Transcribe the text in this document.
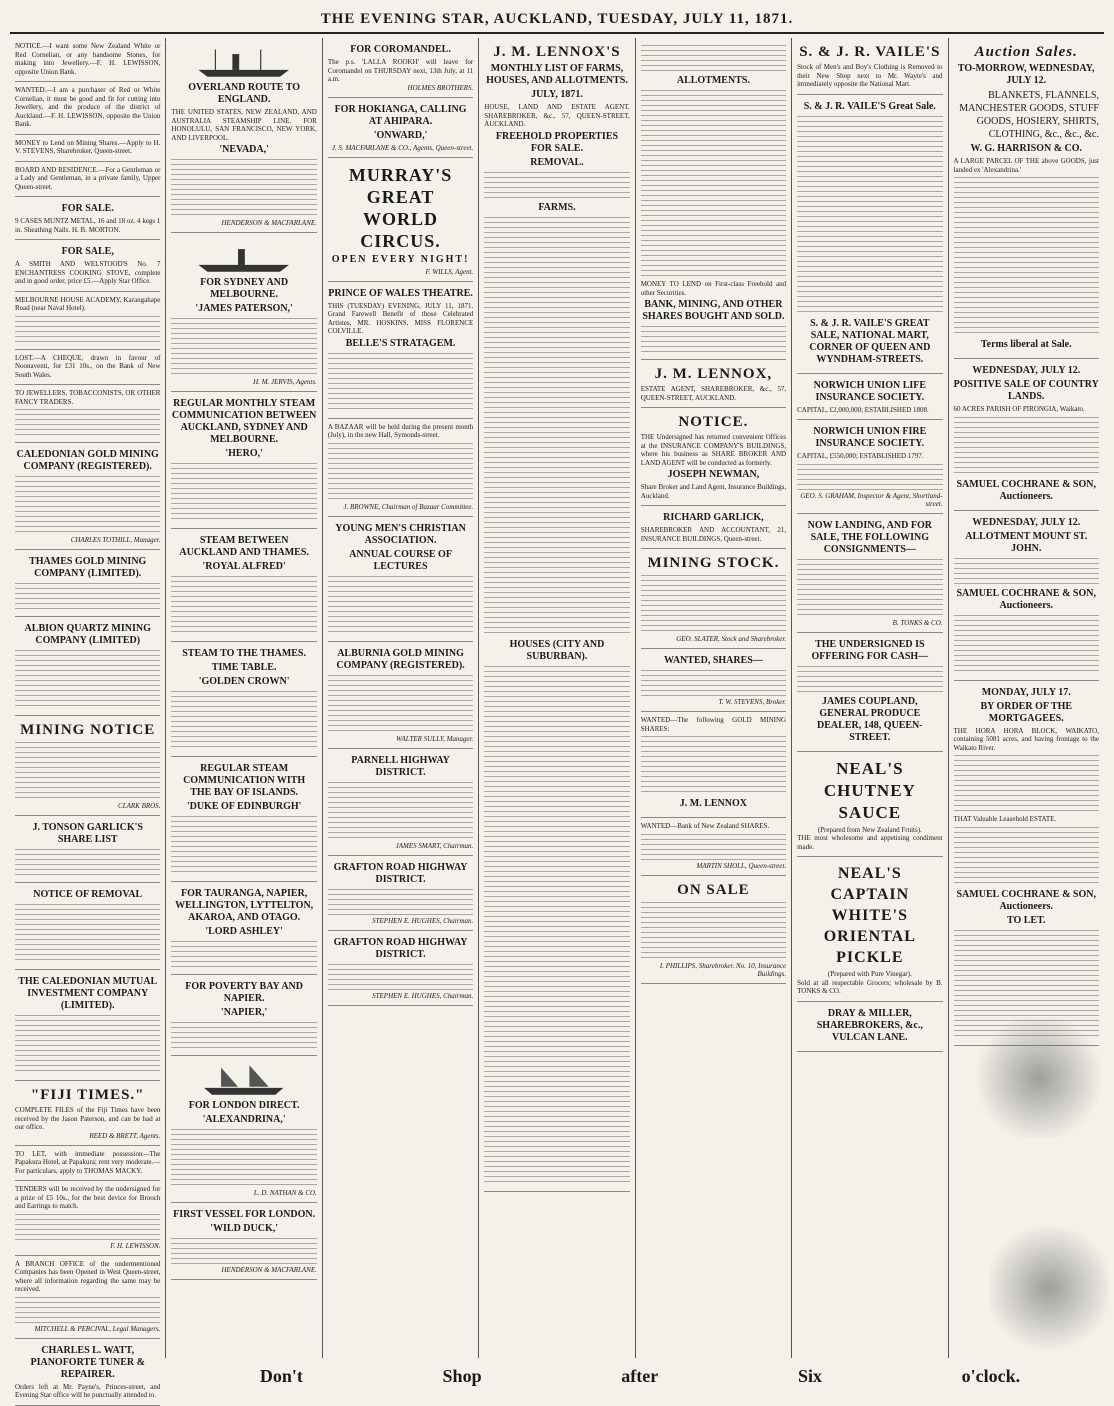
THE EVENING STAR, AUCKLAND, TUESDAY, JULY 11, 1871.
NOTICE.—I want some New Zealand White or Red Cornelian, or any handsome Stones, for making into Jewellery.—F. H. LEWISSON, opposite Union Bank.
WANTED.—I am a purchaser of Red or White Cornelian, it must be good and fit for cutting into Jewellery, and the produce of the district of Auckland.—F. H. LEWISSON, opposite the Union Bank.
MONEY to Lend on Mining Shares.—Apply to H. V. STEVENS, Sharebroker, Queen-street.
BOARD AND RESIDENCE.—For a Gentleman or a Lady and Gentleman, in a private family, Upper Queen-street.
FOR SALE.
9 CASES MUNTZ METAL, 16 and 18 oz. 4 kegs 1 in. Sheathing Nails. H. B. MORTON.
FOR SALE,
A SMITH AND WELSTOOD'S No. 7 ENCHANTRESS COOKING STOVE, complete and in good order, price £5.—Apply Star Office.
MELBOURNE HOUSE ACADEMY, Karangahape Road (near Naval Hotel).
LOST.—A CHEQUE, drawn in favour of Noonaventi, for £31 10s., on the Bank of New South Wales.
TO JEWELLERS, TOBACCONISTS, OR OTHER FANCY TRADERS.
CALEDONIAN GOLD MINING COMPANY (REGISTERED).
CHARLES TOTHILL, Manager.
THAMES GOLD MINING COMPANY (LIMITED).
ALBION QUARTZ MINING COMPANY (LIMITED)
MINING NOTICE
CLARK BROS.
J. TONSON GARLICK'S SHARE LIST
NOTICE OF REMOVAL
THE CALEDONIAN MUTUAL INVESTMENT COMPANY (LIMITED).
"FIJI TIMES."
COMPLETE FILES of the Fiji Times have been received by the Jason Paterson, and can be had at our office.
REED & BRETT, Agents.
TO LET, with immediate possession—The Papakura Hotel, at Papakura; rent very moderate.—For particulars, apply to THOMAS MACKY.
TENDERS will be received by the undersigned for a prize of £5 10s., for the best device for Brooch and Earrings to match.
F. H. LEWISSON.
A BRANCH OFFICE of the undermentioned Companies has been Opened in West Queen-street, where all information regarding the same may be received.
MITCHELL & PERCIVAL, Legal Managers.
CHARLES L. WATT, PIANOFORTE TUNER & REPAIRER.
Orders left at Mr. Payne's, Princes-street, and Evening Star office will be punctually attended to.
OVERLAND ROUTE TO ENGLAND.
THE UNITED STATES, NEW ZEALAND, AND AUSTRALIA STEAMSHIP LINE. FOR HONOLULU, SAN FRANCISCO, NEW YORK, AND LIVERPOOL.
'NEVADA,'
HENDERSON & MACFARLANE.
FOR SYDNEY AND MELBOURNE.
'JAMES PATERSON,'
H. M. JERVIS, Agents.
REGULAR MONTHLY STEAM COMMUNICATION BETWEEN AUCKLAND, SYDNEY AND MELBOURNE.
'HERO,'
STEAM BETWEEN AUCKLAND AND THAMES.
'ROYAL ALFRED'
STEAM TO THE THAMES.
TIME TABLE.
'GOLDEN CROWN'
REGULAR STEAM COMMUNICATION WITH THE BAY OF ISLANDS.
'DUKE OF EDINBURGH'
FOR TAURANGA, NAPIER, WELLINGTON, LYTTELTON, AKAROA, AND OTAGO.
'LORD ASHLEY'
FOR POVERTY BAY AND NAPIER.
'NAPIER,'
FOR LONDON DIRECT.
'ALEXANDRINA,'
L. D. NATHAN & CO.
FIRST VESSEL FOR LONDON.
'WILD DUCK,'
HENDERSON & MACFARLANE.
FOR COROMANDEL.
The p.s. 'LALLA ROOKH' will leave for Coromandel on THURSDAY next, 13th July, at 11 a.m.
HOLMES BROTHERS.
FOR HOKIANGA, CALLING AT AHIPARA.
'ONWARD,'
J. S. MACFARLANE & CO., Agents, Queen-street.
MURRAY'S GREAT WORLD CIRCUS.
OPEN EVERY NIGHT!
F. WILLS, Agent.
PRINCE OF WALES THEATRE.
THIS (TUESDAY) EVENING, JULY 11, 1871. Grand Farewell Benefit of those Celebrated Artistes, MR. HOSKINS, MISS FLORENCE COLVILLE.
BELLE'S STRATAGEM.
A BAZAAR will be held during the present month (July), in the new Hall, Symonds-street.
J. BROWNE, Chairman of Bazaar Committee.
YOUNG MEN'S CHRISTIAN ASSOCIATION.
ANNUAL COURSE OF LECTURES
ALBURNIA GOLD MINING COMPANY (REGISTERED).
WALTER SULLY, Manager.
PARNELL HIGHWAY DISTRICT.
JAMES SMART, Chairman.
GRAFTON ROAD HIGHWAY DISTRICT.
STEPHEN E. HUGHES, Chairman.
GRAFTON ROAD HIGHWAY DISTRICT.
STEPHEN E. HUGHES, Chairman.
J. M. LENNOX'S
MONTHLY LIST OF FARMS, HOUSES, AND ALLOTMENTS.
JULY, 1871.
HOUSE, LAND AND ESTATE AGENT, SHAREBROKER, &c., 57, QUEEN-STREET, AUCKLAND.
FREEHOLD PROPERTIES FOR SALE.
REMOVAL.
FARMS.
HOUSES (CITY AND SUBURBAN).
ALLOTMENTS.
MONEY TO LEND on First-class Freehold and other Securities.
BANK, MINING, AND OTHER SHARES BOUGHT AND SOLD.
J. M. LENNOX,
ESTATE AGENT, SHAREBROKER, &c., 57, QUEEN-STREET, AUCKLAND.
NOTICE.
THE Undersigned has returned convenient Offices at the INSURANCE COMPANY'S BUILDINGS, where his business as SHARE BROKER AND LAND AGENT will be conducted as formerly.
JOSEPH NEWMAN,
Share Broker and Land Agent, Insurance Buildings, Auckland.
RICHARD GARLICK,
SHAREBROKER AND ACCOUNTANT, 21, INSURANCE BUILDINGS, Queen-street.
MINING STOCK.
GEO. SLATER, Stock and Sharebroker.
WANTED, SHARES—
T. W. STEVENS, Broker.
WANTED—The following GOLD MINING SHARES:
J. M. LENNOX
WANTED—Bank of New Zealand SHARES.
MARTIN SHOLL, Queen-street.
ON SALE
I. PHILLIPS, Sharebroker. No. 10, Insurance Buildings.
S. & J. R. VAILE'S
Stock of Men's and Boy's Clothing is Removed to their New Shop next to Mr. Wayte's and immediately opposite the National Mart.
S. & J. R. VAILE'S Great Sale.
S. & J. R. VAILE'S GREAT SALE, NATIONAL MART, CORNER OF QUEEN AND WYNDHAM-STREETS.
NORWICH UNION LIFE INSURANCE SOCIETY.
CAPITAL, £2,000,000; ESTABLISHED 1808.
NORWICH UNION FIRE INSURANCE SOCIETY.
CAPITAL, £550,000; ESTABLISHED 1797.
GEO. S. GRAHAM, Inspector & Agent, Shortland-street.
NOW LANDING, AND FOR SALE, THE FOLLOWING CONSIGNMENTS—
B. TONKS & CO.
THE UNDERSIGNED IS OFFERING FOR CASH—
JAMES COUPLAND, GENERAL PRODUCE DEALER, 148, QUEEN-STREET.
NEAL'S CHUTNEY SAUCE
(Prepared from New Zealand Fruits).
THE most wholesome and appetising condiment made.
NEAL'S CAPTAIN WHITE'S ORIENTAL PICKLE
(Prepared with Pure Vinegar).
Sold at all respectable Grocers; wholesale by B. TONKS & CO.
DRAY & MILLER, SHAREBROKERS, &c., VULCAN LANE.
Auction Sales.
TO-MORROW, WEDNESDAY, JULY 12.
BLANKETS, FLANNELS, MANCHESTER GOODS, STUFF GOODS, HOSIERY, SHIRTS, CLOTHING, &c., &c., &c.
W. G. HARRISON & CO.
A LARGE PARCEL OF THE above GOODS, just landed ex 'Alexandrina.'
Terms liberal at Sale.
WEDNESDAY, JULY 12.
POSITIVE SALE OF COUNTRY LANDS.
60 ACRES PARISH OF PIRONGIA, Waikato.
SAMUEL COCHRANE & SON, Auctioneers.
WEDNESDAY, JULY 12.
ALLOTMENT MOUNT ST. JOHN.
SAMUEL COCHRANE & SON, Auctioneers.
MONDAY, JULY 17.
BY ORDER OF THE MORTGAGEES.
THE HORA HORA BLOCK, WAIKATO, containing 5081 acres, and having frontage to the Waikato River.
THAT Valuable Leasehold ESTATE.
SAMUEL COCHRANE & SON, Auctioneers.
TO LET.
Don't	Shop	after	Six	o'clock.
